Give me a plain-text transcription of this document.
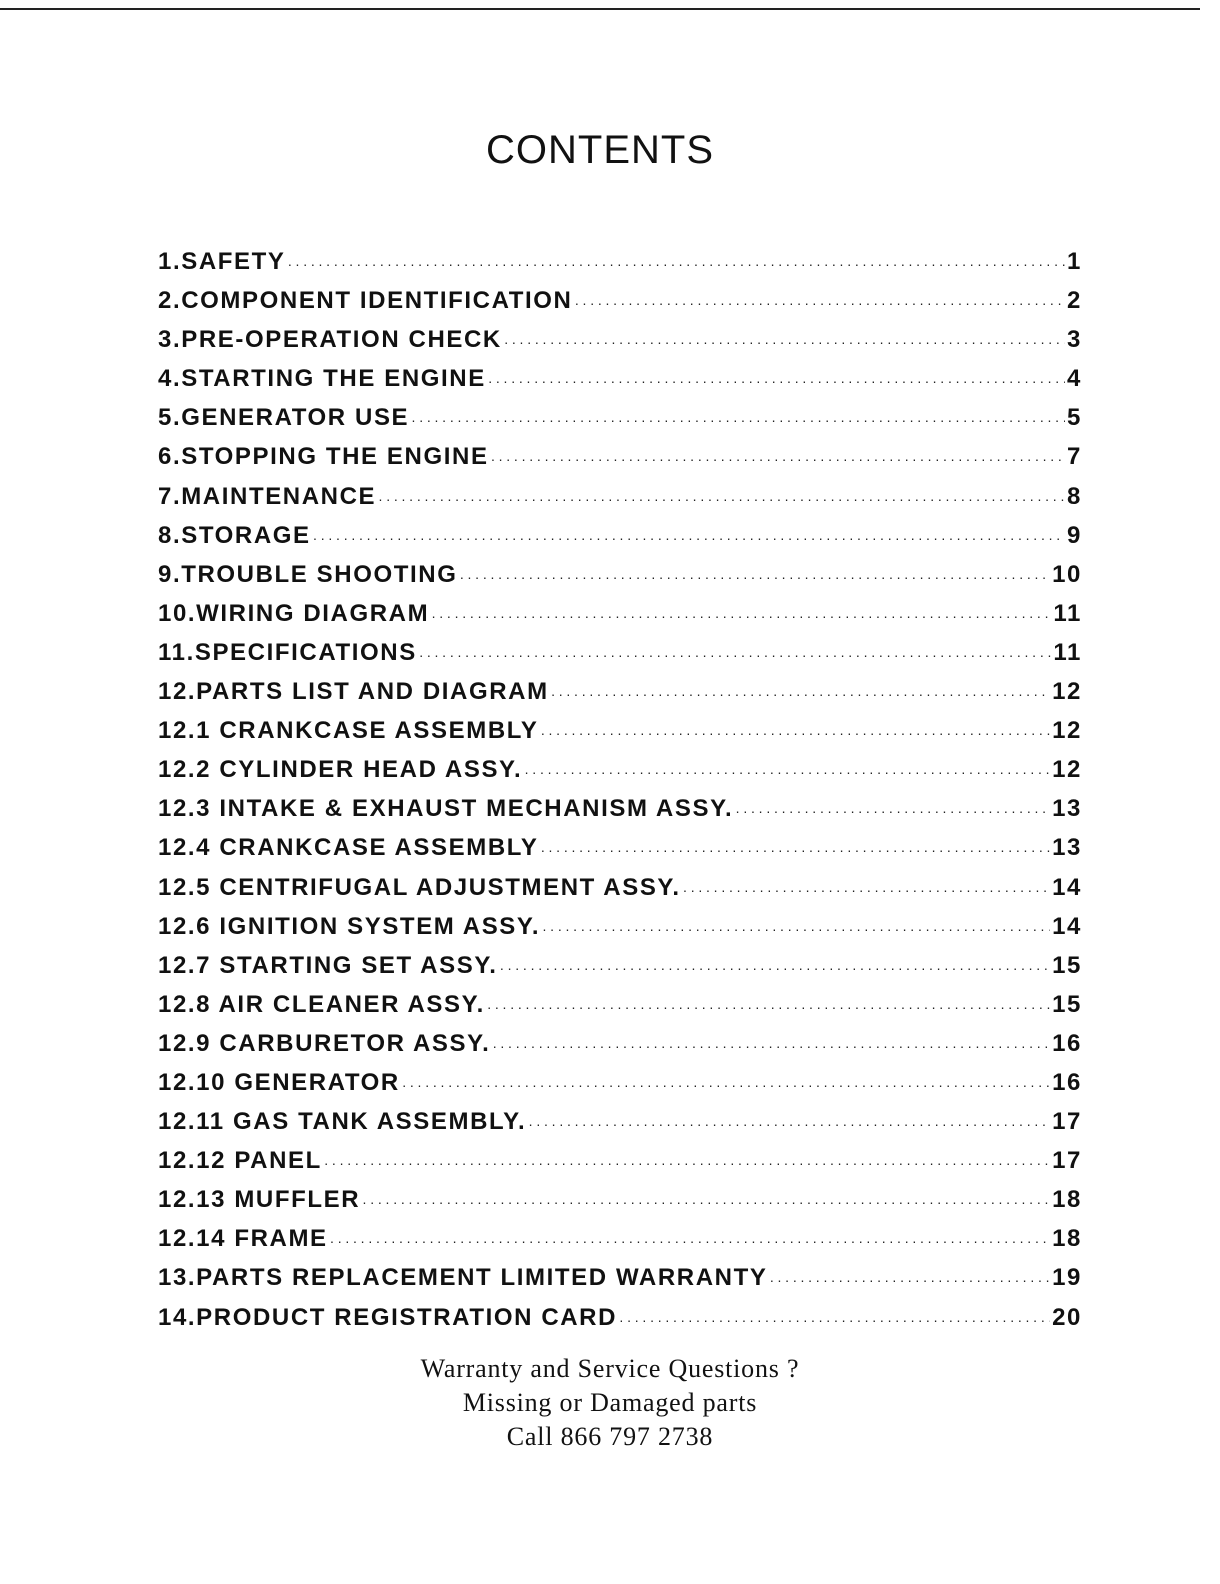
CONTENTS
1.SAFETY ·····	1
2.COMPONENT IDENTIFICATION ·····	2
3.PRE-OPERATION CHECK ·····	3
4.STARTING THE ENGINE ·····	4
5.GENERATOR USE ·····	5
6.STOPPING THE ENGINE ·····	7
7.MAINTENANCE ·····	8
8.STORAGE ·····	9
9.TROUBLE SHOOTING ·····	10
10.WIRING DIAGRAM ·····	11
11.SPECIFICATIONS ·····	11
12.PARTS LIST AND DIAGRAM ·····	12
12.1 CRANKCASE ASSEMBLY ·····	12
12.2 CYLINDER HEAD ASSY. ·····	12
12.3 INTAKE & EXHAUST MECHANISM ASSY. ·····	13
12.4 CRANKCASE ASSEMBLY ·····	13
12.5 CENTRIFUGAL ADJUSTMENT ASSY. ·····	14
12.6 IGNITION SYSTEM ASSY. ·····	14
12.7 STARTING SET ASSY. ·····	15
12.8 AIR CLEANER ASSY. ·····	15
12.9 CARBURETOR ASSY. ·····	16
12.10 GENERATOR ·····	16
12.11 GAS TANK ASSEMBLY. ·····	17
12.12 PANEL ·····	17
12.13 MUFFLER ·····	18
12.14 FRAME ·····	18
13.PARTS REPLACEMENT LIMITED WARRANTY ·····	19
14.PRODUCT REGISTRATION CARD ·····	20
Warranty and Service Questions ?
Missing or Damaged parts
Call 866 797 2738
